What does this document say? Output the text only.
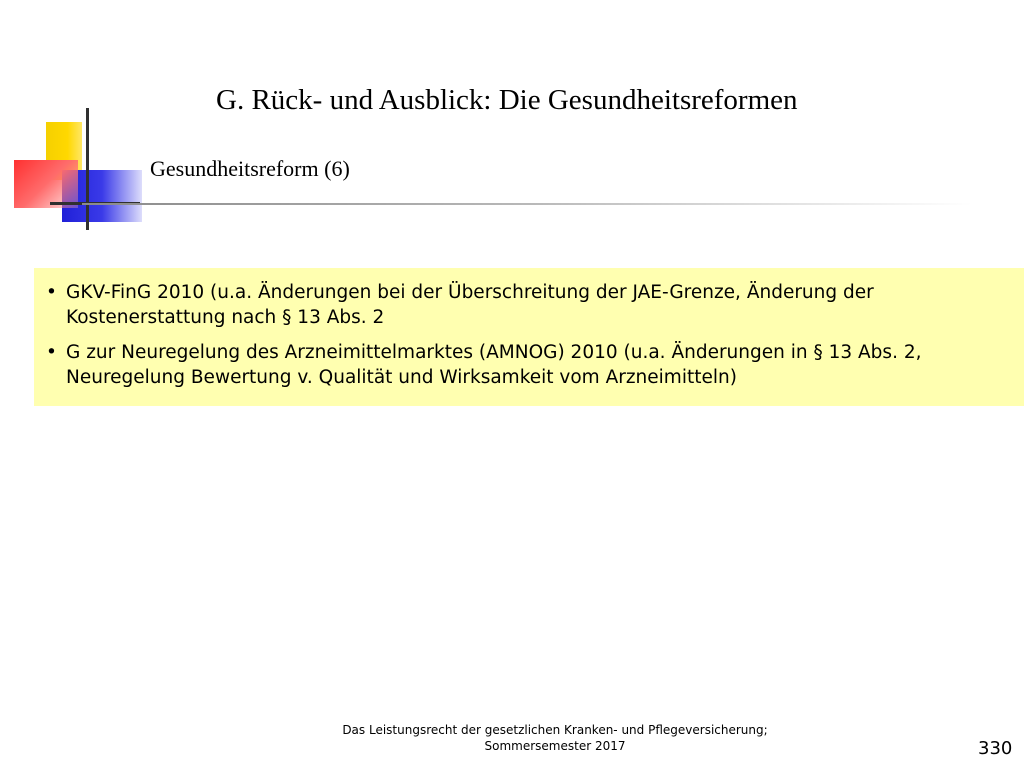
G. Rück- und Ausblick: Die Gesundheitsreformen
Gesundheitsreform (6)
• GKV-FinG 2010 (u.a. Änderungen bei der Überschreitung der JAE-Grenze, Änderung der Kostenerstattung nach § 13 Abs. 2
• G zur Neuregelung des Arzneimittelmarktes (AMNOG) 2010 (u.a. Änderungen in § 13 Abs. 2, Neuregelung Bewertung v. Qualität und Wirksamkeit vom Arzneimitteln)
Das Leistungsrecht der gesetzlichen Kranken- und Pflegeversicherung;
Sommersemester 2017	330
